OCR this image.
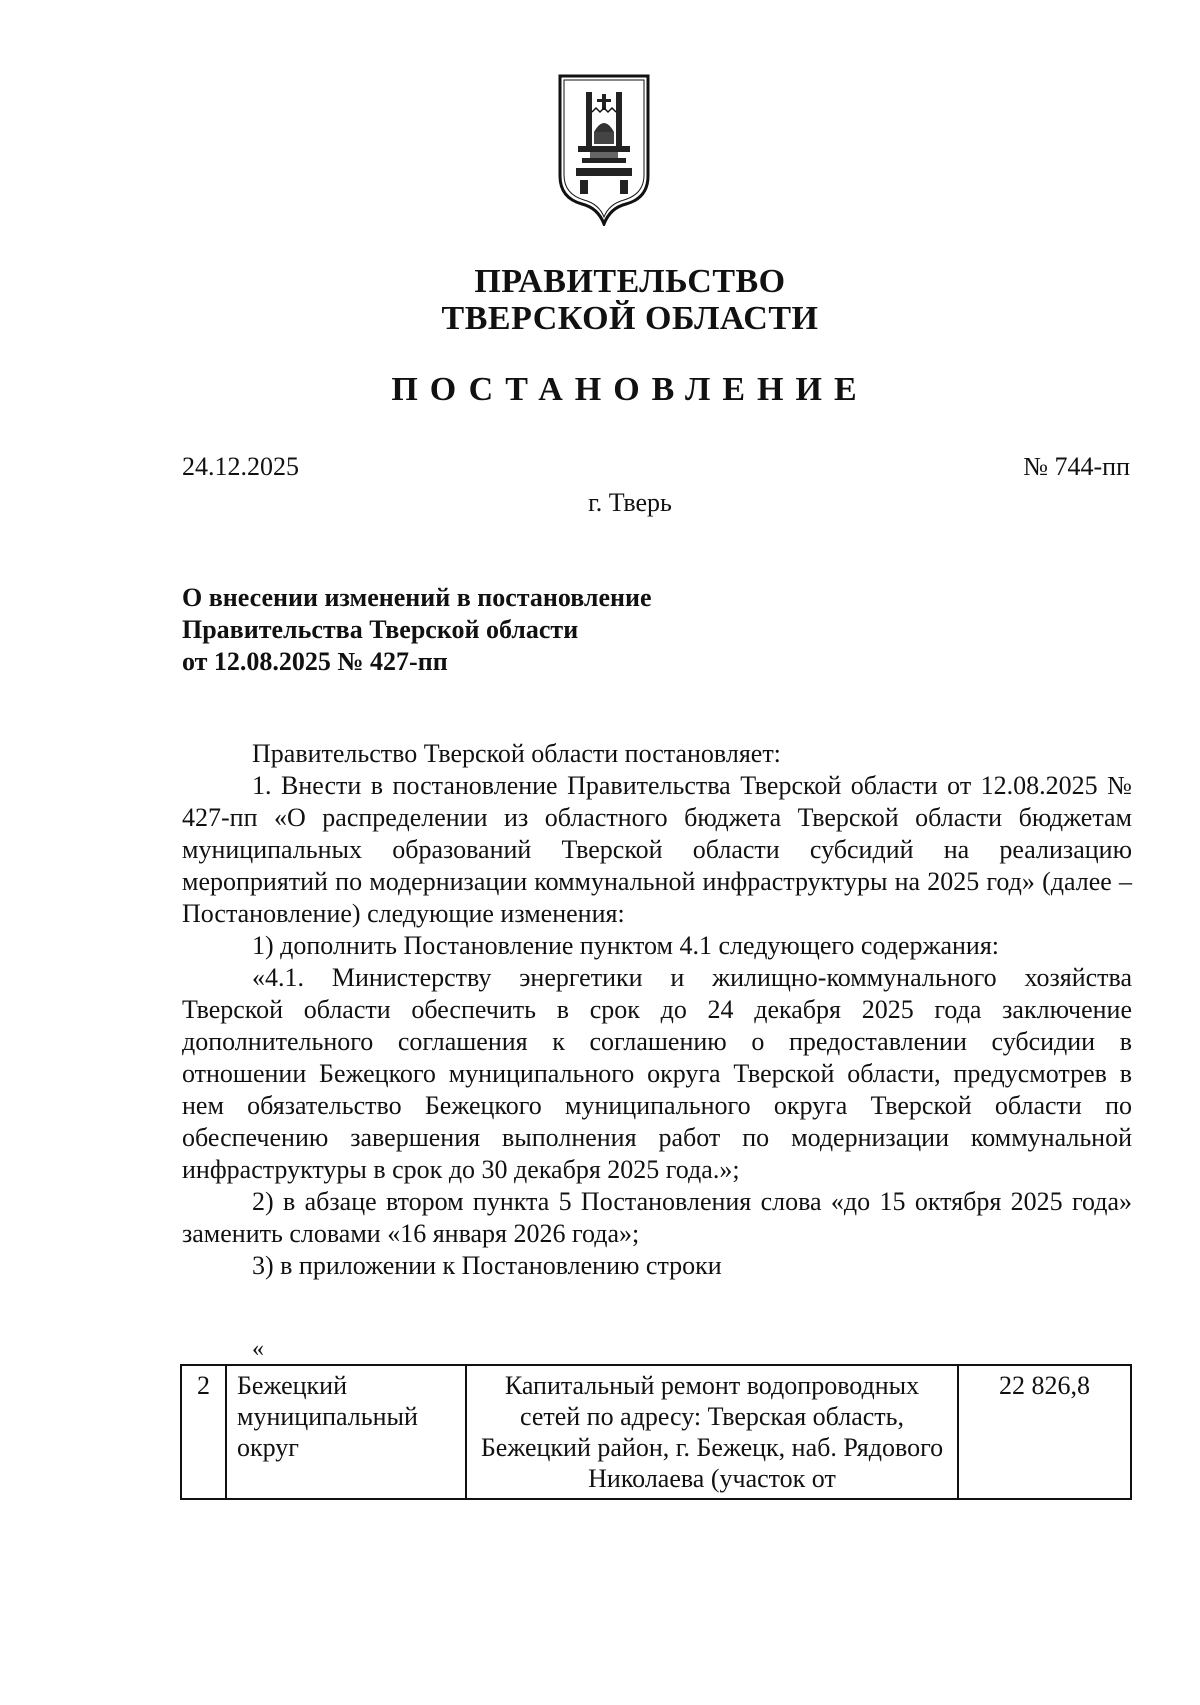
ПРАВИТЕЛЬСТВО
ТВЕРСКОЙ ОБЛАСТИ
ПОСТАНОВЛЕНИЕ
24.12.2025	№ 744-пп
г. Тверь
О внесении изменений в постановление
Правительства Тверской области
от 12.08.2025 № 427-пп

Правительство Тверской области постановляет:

1. Внести в постановление Правительства Тверской области от 12.08.2025 № 427-пп «О распределении из областного бюджета Тверской области бюджетам муниципальных образований Тверской области субсидий на реализацию мероприятий по модернизации коммунальной инфраструктуры на 2025 год» (далее – Постановление) следующие изменения:

1) дополнить Постановление пунктом 4.1 следующего содержания:

«4.1. Министерству энергетики и жилищно-коммунального хозяйства Тверской области обеспечить в срок до 24 декабря 2025 года заключение дополнительного соглашения к соглашению о предоставлении субсидии в отношении Бежецкого муниципального округа Тверской области, предусмотрев в нем обязательство Бежецкого муниципального округа Тверской области по обеспечению завершения выполнения работ по модернизации коммунальной инфраструктуры в срок до 30 декабря 2025 года.»;

2) в абзаце втором пункта 5 Постановления слова «до 15 октября 2025 года» заменить словами «16 января 2026 года»;

3) в приложении к Постановлению строки

«
2	Бежецкий муниципальный округ	Капитальный ремонт водопроводных сетей по адресу: Тверская область, Бежецкий район, г. Бежецк, наб. Рядового Николаева (участок от	22 826,8
